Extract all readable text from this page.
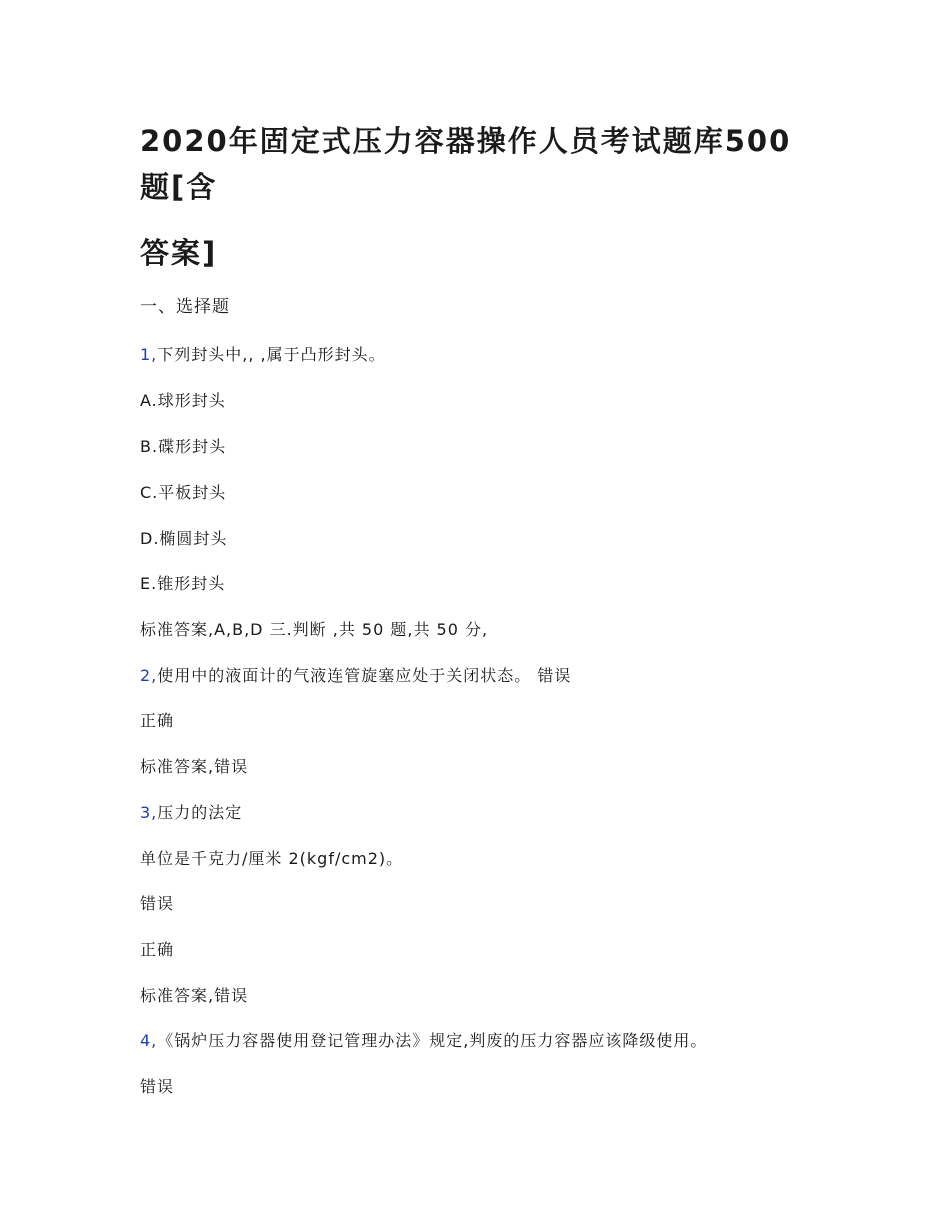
2020年固定式压力容器操作人员考试题库500
题[含
答案]

一、选择题

1,下列封头中,, ,属于凸形封头。

A.球形封头

B.碟形封头

C.平板封头

D.椭圆封头

E.锥形封头

标准答案,A,B,D 三.判断 ,共 50 题,共 50 分,

2,使用中的液面计的气液连管旋塞应处于关闭状态。 错误

正确

标准答案,错误

3,压力的法定

单位是千克力/厘米 2(kgf/cm2)。

错误

正确

标准答案,错误

4,《锅炉压力容器使用登记管理办法》规定,判废的压力容器应该降级使用。

错误
